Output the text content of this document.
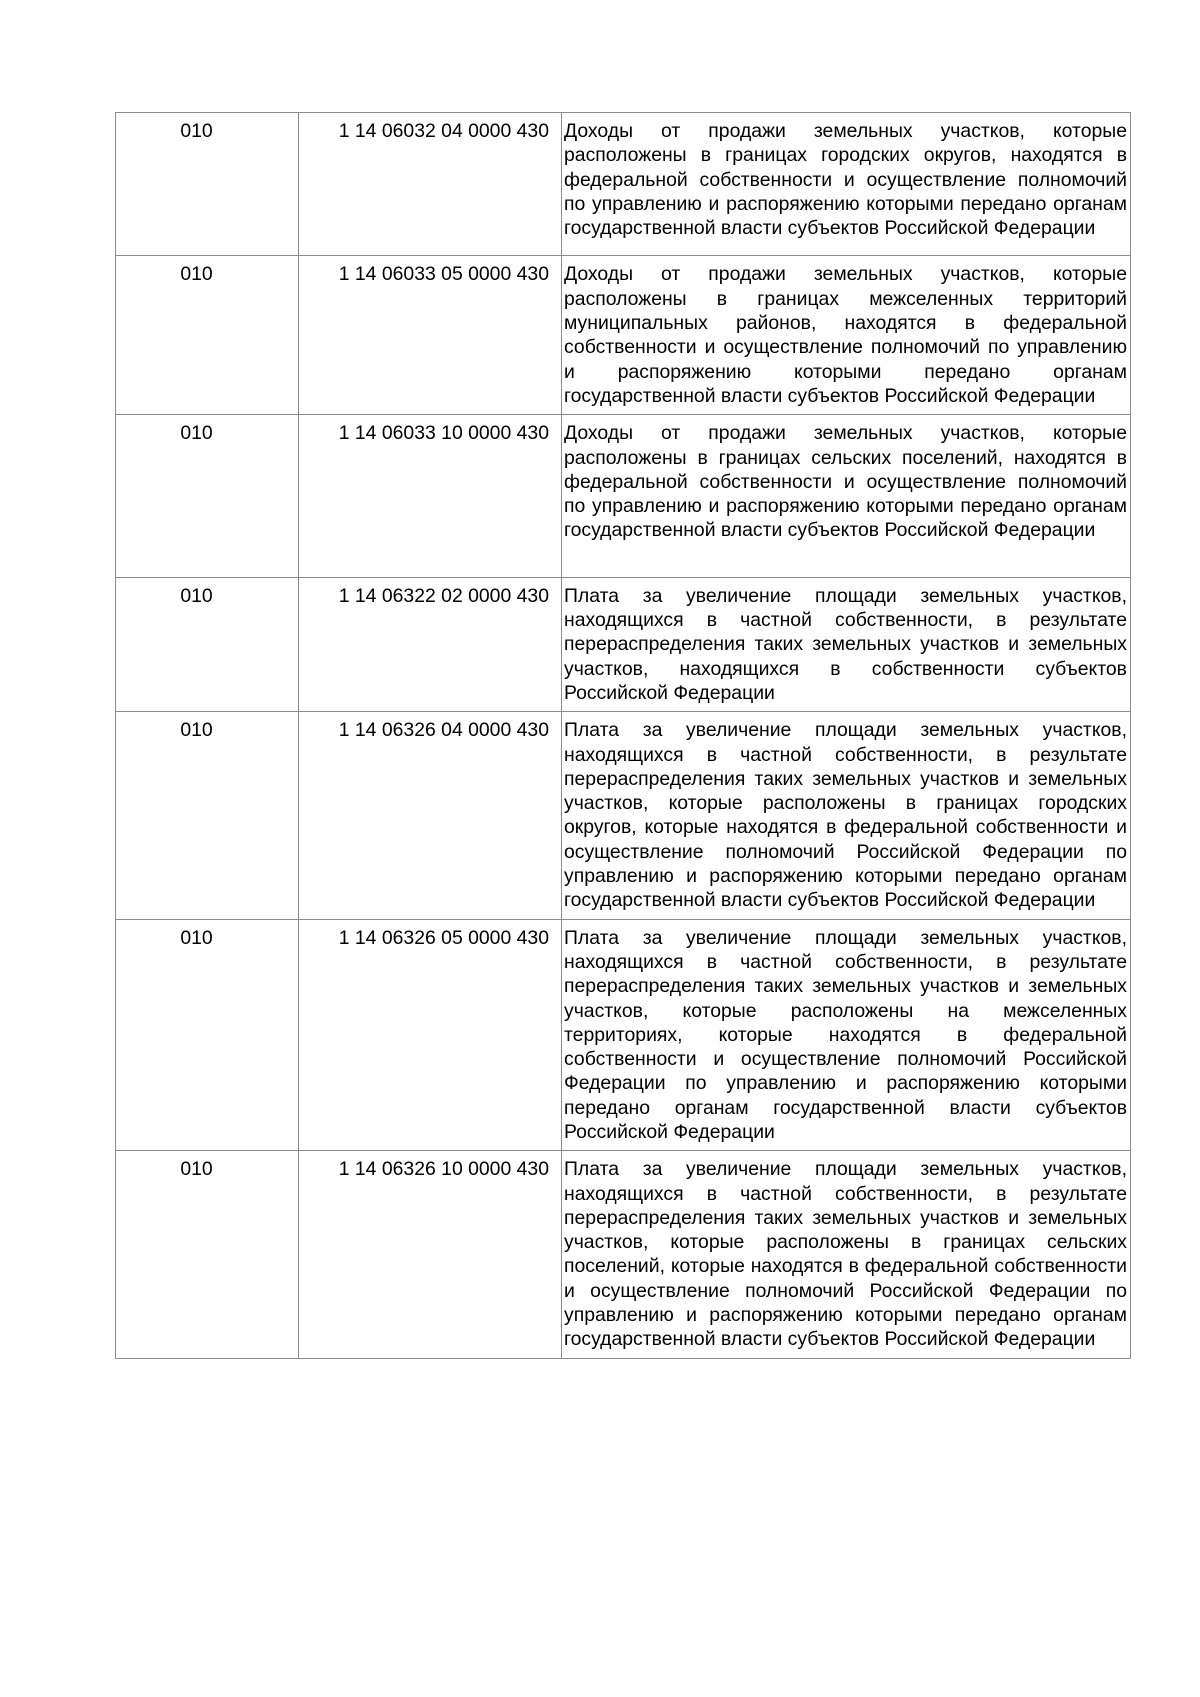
010	1 14 06032 04 0000 430	Доходы от продажи земельных участков, которые расположены в границах городских округов, находятся в федеральной собственности и осуществление полномочий по управлению и распоряжению которыми передано органам государственной власти субъектов Российской Федерации
010	1 14 06033 05 0000 430	Доходы от продажи земельных участков, которые расположены в границах межселенных территорий муниципальных районов, находятся в федеральной собственности и осуществление полномочий по управлению и распоряжению которыми передано органам государственной власти субъектов Российской Федерации
010	1 14 06033 10 0000 430	Доходы от продажи земельных участков, которые расположены в границах сельских поселений, находятся в федеральной собственности и осуществление полномочий по управлению и распоряжению которыми передано органам государственной власти субъектов Российской Федерации
010	1 14 06322 02 0000 430	Плата за увеличение площади земельных участков, находящихся в частной собственности, в результате перераспределения таких земельных участков и земельных участков, находящихся в собственности субъектов Российской Федерации
010	1 14 06326 04 0000 430	Плата за увеличение площади земельных участков, находящихся в частной собственности, в результате перераспределения таких земельных участков и земельных участков, которые расположены в границах городских округов, которые находятся в федеральной собственности и осуществление полномочий Российской Федерации по управлению и распоряжению которыми передано органам государственной власти субъектов Российской Федерации
010	1 14 06326 05 0000 430	Плата за увеличение площади земельных участков, находящихся в частной собственности, в результате перераспределения таких земельных участков и земельных участков, которые расположены на межселенных территориях, которые находятся в федеральной собственности и осуществление полномочий Российской Федерации по управлению и распоряжению которыми передано органам государственной власти субъектов Российской Федерации
010	1 14 06326 10 0000 430	Плата за увеличение площади земельных участков, находящихся в частной собственности, в результате перераспределения таких земельных участков и земельных участков, которые расположены в границах сельских поселений, которые находятся в федеральной собственности и осуществление полномочий Российской Федерации по управлению и распоряжению которыми передано органам государственной власти субъектов Российской Федерации
